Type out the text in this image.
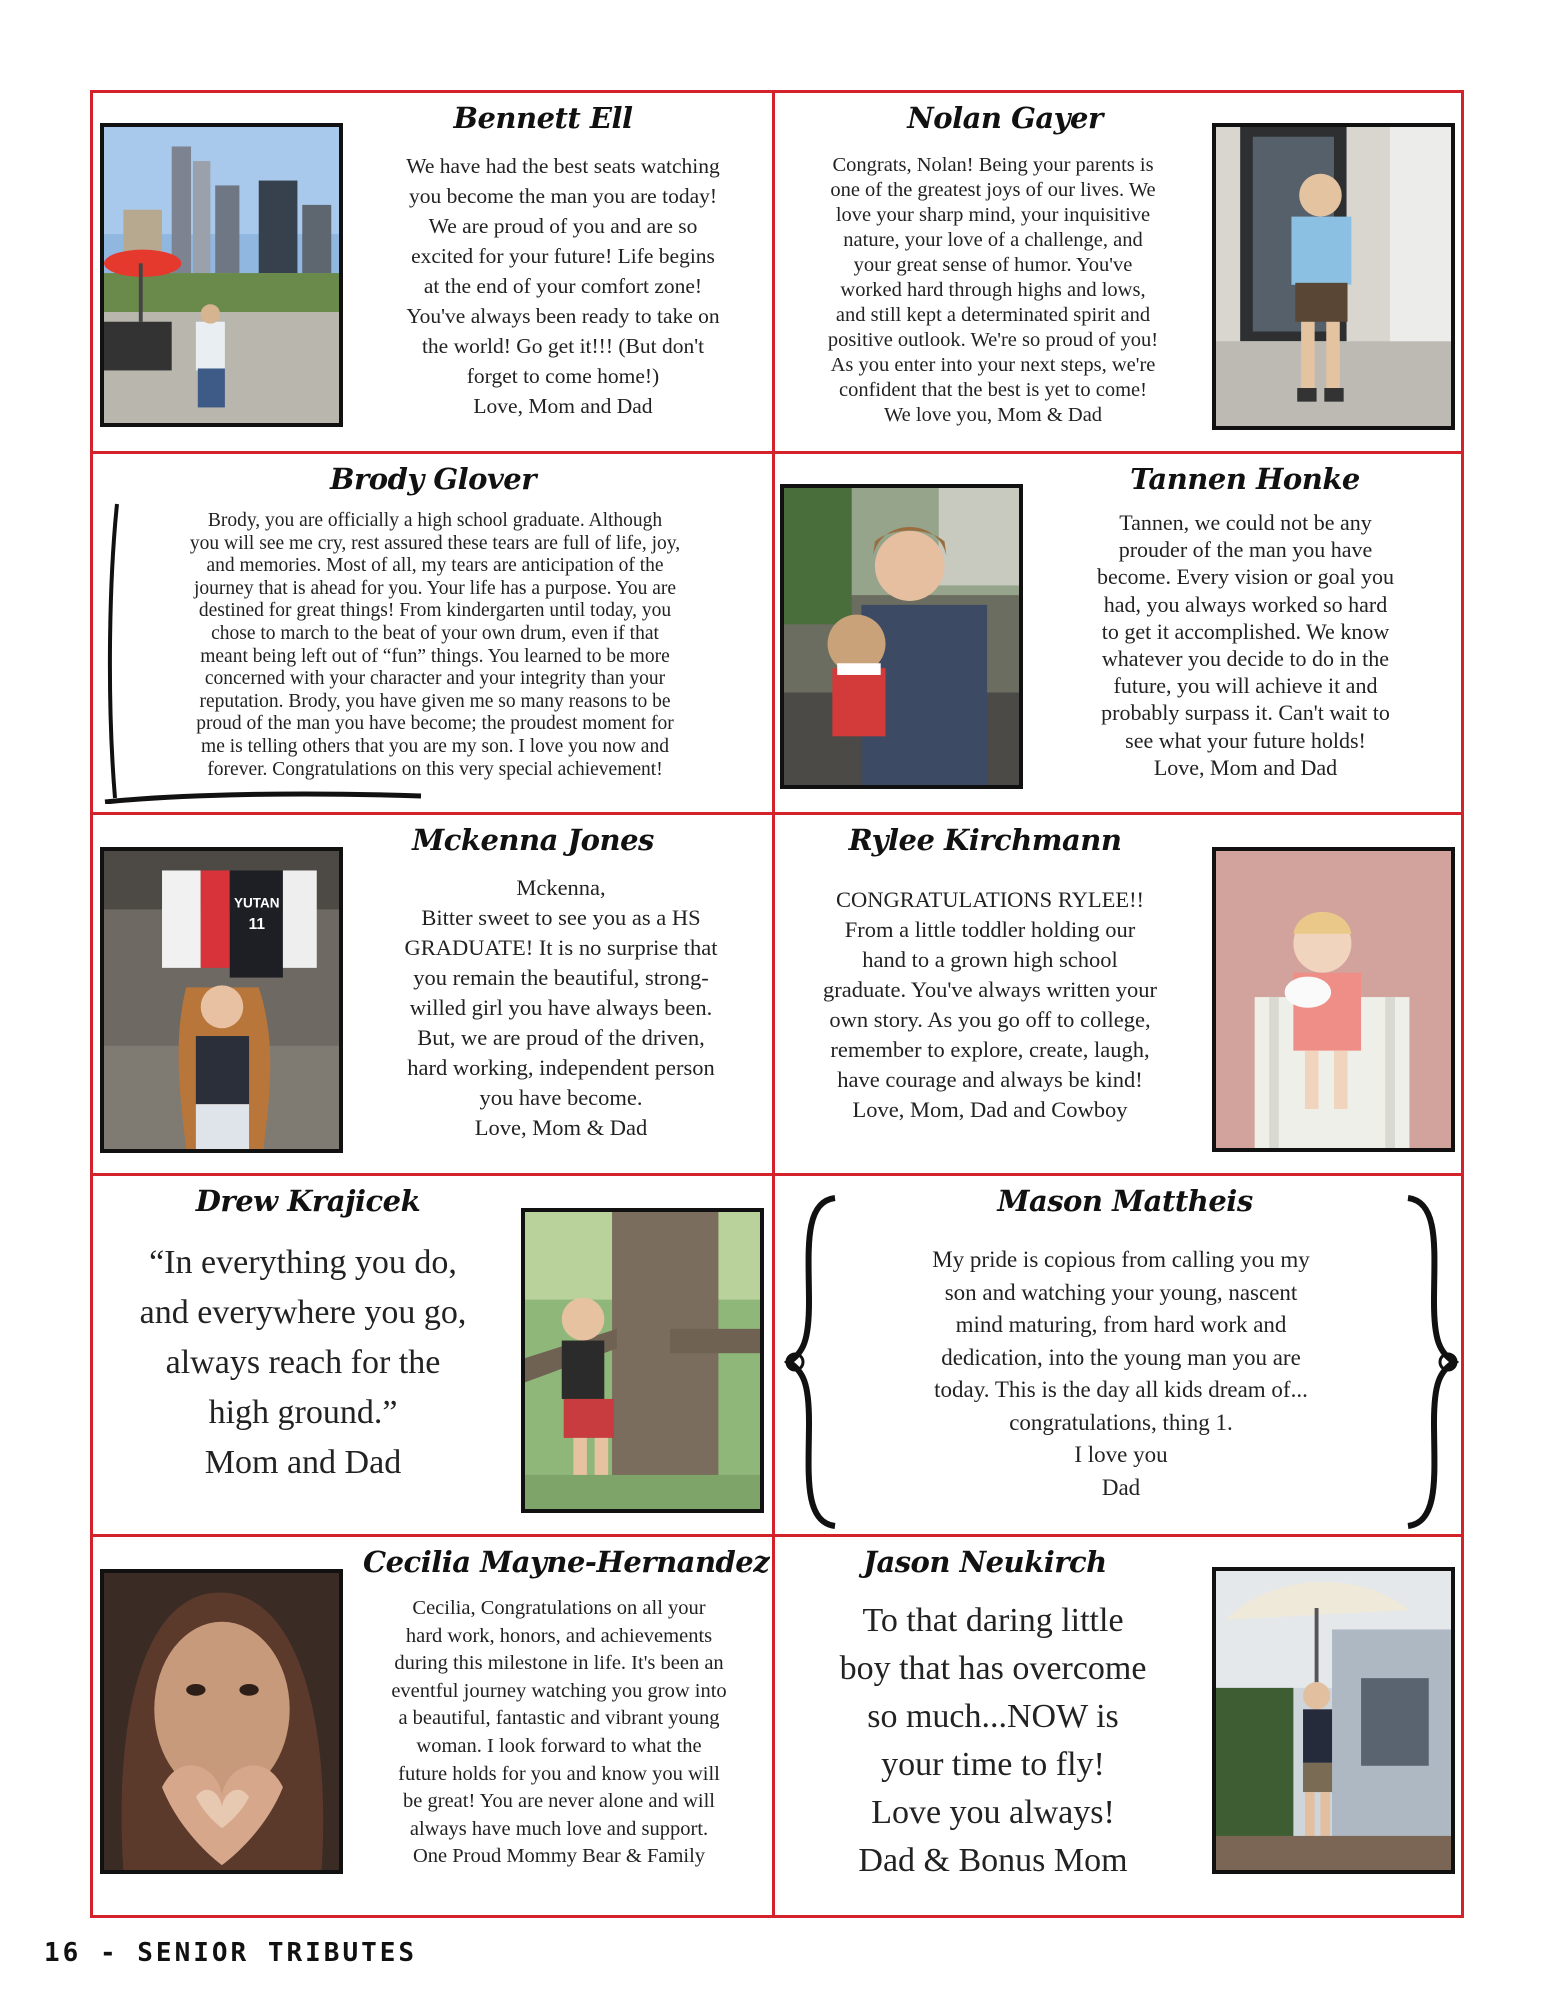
Bennett Ell

We have had the best seats watching

you become the man you are today!

We are proud of you and are so

excited for your future! Life begins

at the end of your comfort zone!

You've always been ready to take on

the world! Go get it!!! (But don't

forget to come home!)

Love, Mom and Dad

Nolan Gayer

Congrats, Nolan! Being your parents is

one of the greatest joys of our lives. We

love your sharp mind, your inquisitive

nature, your love of a challenge, and

your great sense of humor. You've

worked hard through highs and lows,

and still kept a determinated spirit and

positive outlook. We're so proud of you!

As you enter into your next steps, we're

confident that the best is yet to come!

We love you, Mom & Dad

Brody Glover

Brody, you are officially a high school graduate. Although

you will see me cry, rest assured these tears are full of life, joy,

and memories. Most of all, my tears are anticipation of the

journey that is ahead for you. Your life has a purpose. You are

destined for great things! From kindergarten until today, you

chose to march to the beat of your own drum, even if that

meant being left out of “fun” things. You learned to be more

concerned with your character and your integrity than your

reputation. Brody, you have given me so many reasons to be

proud of the man you have become; the proudest moment for

me is telling others that you are my son. I love you now and

forever. Congratulations on this very special achievement!

Tannen, we could not be any

prouder of the man you have

become. Every vision or goal you

had, you always worked so hard

to get it accomplished. We know

whatever you decide to do in the

future, you will achieve it and

probably surpass it. Can't wait to

see what your future holds!

Love, Mom and Dad

Tannen Honke
Mckenna Jones
YUTAN
11

Mckenna,

Bitter sweet to see you as a HS

GRADUATE! It is no surprise that

you remain the beautiful, strong-

willed girl you have always been.

But, we are proud of the driven,

hard working, independent person

you have become.

Love, Mom & Dad

Rylee Kirchmann

CONGRATULATIONS RYLEE!!

From a little toddler holding our

hand to a grown high school

graduate. You've always written your

own story. As you go off to college,

remember to explore, create, laugh,

have courage and always be kind!

Love, Mom, Dad and Cowboy

Drew Krajicek

“In everything you do,

and everywhere you go,

always reach for the

high ground.”

Mom and Dad

Mason Mattheis

My pride is copious from calling you my

son and watching your young, nascent

mind maturing, from hard work and

dedication, into the young man you are

today. This is the day all kids dream of...

congratulations, thing 1.

I love you

Dad

Cecilia Mayne-Hernandez

Cecilia, Congratulations on all your

hard work, honors, and achievements

during this milestone in life. It's been an

eventful journey watching you grow into

a beautiful, fantastic and vibrant young

woman. I look forward to what the

future holds for you and know you will

be great! You are never alone and will

always have much love and support.

One Proud Mommy Bear & Family

Jason Neukirch

To that daring little

boy that has overcome

so much...NOW is

your time to fly!

Love you always!

Dad & Bonus Mom

16 - SENIOR TRIBUTES
